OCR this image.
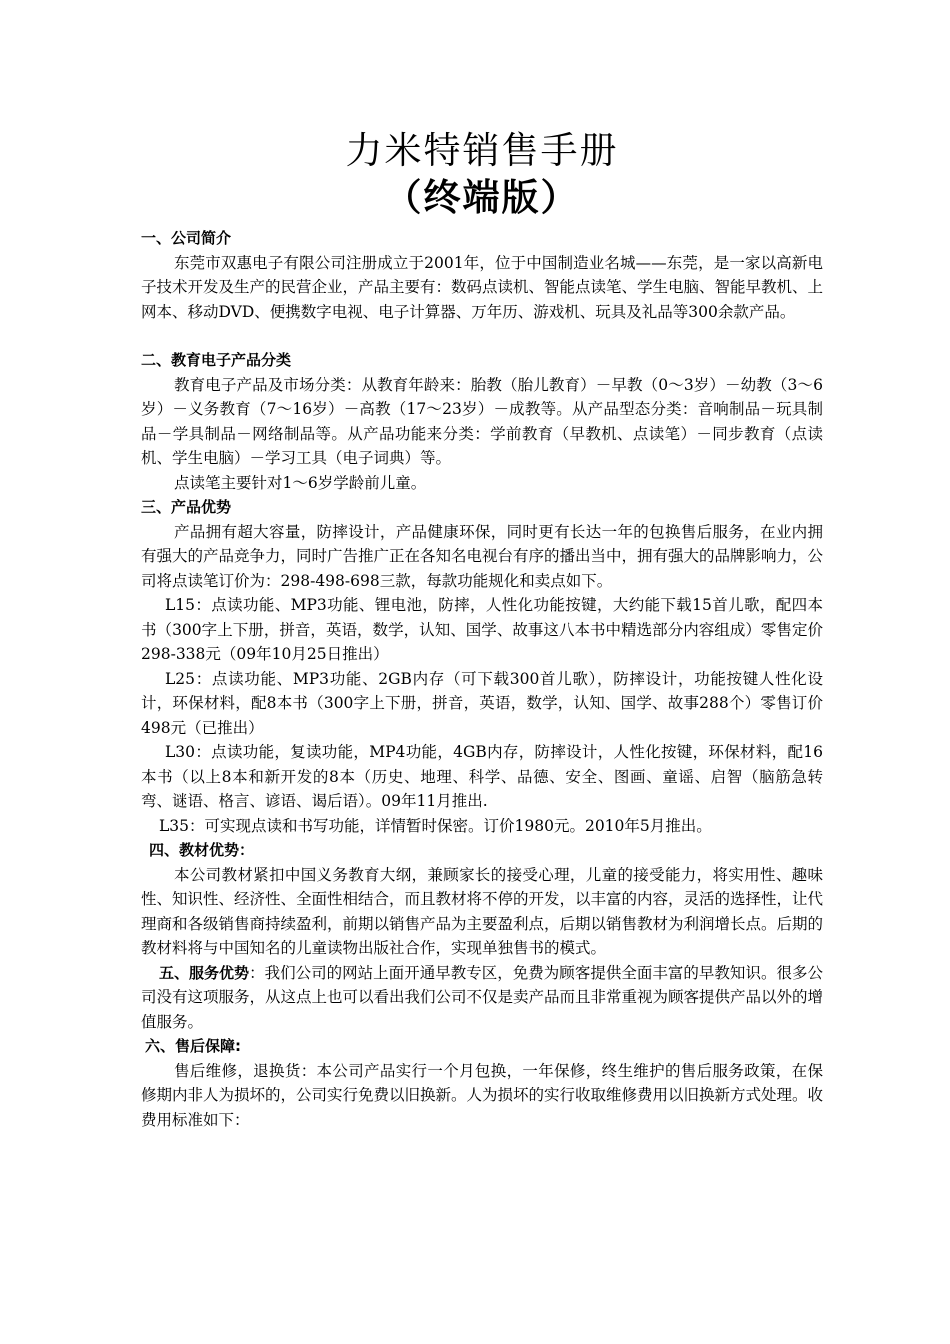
力米特销售手册
（终端版）
一、公司简介

东莞市双惠电子有限公司注册成立于2001年，位于中国制造业名城——东莞，是一家以高新电子技术开发及生产的民营企业，产品主要有：数码点读机、智能点读笔、学生电脑、智能早教机、上网本、移动DVD、便携数字电视、电子计算器、万年历、游戏机、玩具及礼品等300余款产品。

二、教育电子产品分类

教育电子产品及市场分类：从教育年龄来：胎教（胎儿教育）－早教（0～3岁）－幼教（3～6岁）－义务教育（7～16岁）－高教（17～23岁）－成教等。从产品型态分类：音响制品－玩具制品－学具制品－网络制品等。从产品功能来分类：学前教育（早教机、点读笔）－同步教育（点读机、学生电脑）－学习工具（电子词典）等。

点读笔主要针对1～6岁学龄前儿童。

三、产品优势

产品拥有超大容量，防摔设计，产品健康环保，同时更有长达一年的包换售后服务，在业内拥有强大的产品竞争力，同时广告推广正在各知名电视台有序的播出当中，拥有强大的品牌影响力，公司将点读笔订价为：298-498-698三款，每款功能规化和卖点如下。

L15：点读功能、MP3功能、锂电池，防摔，人性化功能按键，大约能下载15首儿歌，配四本书（300字上下册，拼音，英语，数学，认知、国学、故事这八本书中精选部分内容组成）零售定价298-338元（09年10月25日推出）

L25：点读功能、MP3功能、2GB内存（可下载300首儿歌），防摔设计，功能按键人性化设计，环保材料，配8本书（300字上下册，拼音，英语，数学，认知、国学、故事288个）零售订价498元（已推出）

L30：点读功能，复读功能，MP4功能，4GB内存，防摔设计，人性化按键，环保材料，配16本书（以上8本和新开发的8本（历史、地理、科学、品德、安全、图画、童谣、启智（脑筋急转弯、谜语、格言、谚语、谒后语）。09年11月推出.

L35：可实现点读和书写功能，详情暂时保密。订价1980元。2010年5月推出。

四、教材优势：

本公司教材紧扣中国义务教育大纲，兼顾家长的接受心理，儿童的接受能力，将实用性、趣味性、知识性、经济性、全面性相结合，而且教材将不停的开发，以丰富的内容，灵活的选择性，让代理商和各级销售商持续盈利，前期以销售产品为主要盈利点，后期以销售教材为利润增长点。后期的教材料将与中国知名的儿童读物出版社合作，实现单独售书的模式。

五、服务优势：我们公司的网站上面开通早教专区，免费为顾客提供全面丰富的早教知识。很多公司没有这项服务，从这点上也可以看出我们公司不仅是卖产品而且非常重视为顾客提供产品以外的增值服务。

六、售后保障:

售后维修，退换货：本公司产品实行一个月包换，一年保修，终生维护的售后服务政策，在保修期内非人为损坏的，公司实行免费以旧换新。人为损坏的实行收取维修费用以旧换新方式处理。收费用标准如下：
